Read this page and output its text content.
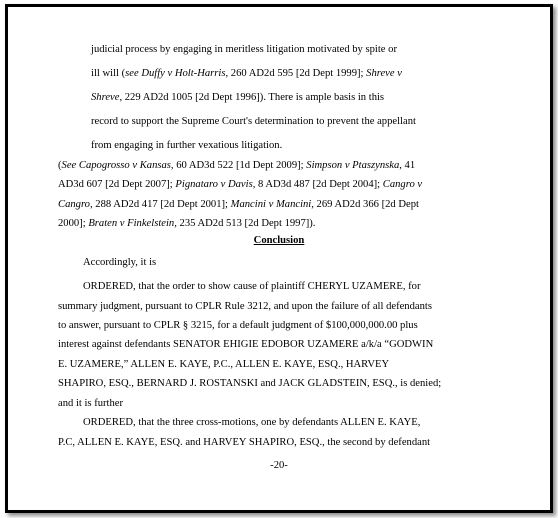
judicial process by engaging in meritless litigation motivated by spite or
ill will (see Duffy v Holt-Harris, 260 AD2d 595 [2d Dept 1999]; Shreve v
Shreve, 229 AD2d 1005 [2d Dept 1996]). There is ample basis in this
record to support the Supreme Court's determination to prevent the appellant
from engaging in further vexatious litigation.
(See Capogrosso v Kansas, 60 AD3d 522 [1d Dept 2009]; Simpson v Ptaszynska, 41
AD3d 607 [2d Dept 2007]; Pignataro v Davis, 8 AD3d 487 [2d Dept 2004]; Cangro v
Cangro, 288 AD2d 417 [2d Dept 2001]; Mancini v Mancini, 269 AD2d 366 [2d Dept
2000]; Braten v Finkelstein, 235 AD2d 513 [2d Dept 1997]).
Conclusion
Accordingly, it is
ORDERED, that the order to show cause of plaintiff CHERYL UZAMERE, for
summary judgment, pursuant to CPLR Rule 3212, and upon the failure of all defendants
to answer, pursuant to CPLR § 3215, for a default judgment of $100,000,000.00 plus
interest against defendants SENATOR EHIGIE EDOBOR UZAMERE a/k/a “GODWIN
E. UZAMERE,” ALLEN E. KAYE, P.C., ALLEN E. KAYE, ESQ., HARVEY
SHAPIRO, ESQ., BERNARD J. ROSTANSKI and JACK GLADSTEIN, ESQ., is denied;
and it is further
ORDERED, that the three cross-motions, one by defendants ALLEN E. KAYE,
P.C, ALLEN E. KAYE, ESQ. and HARVEY SHAPIRO, ESQ., the second by defendant
-20-
